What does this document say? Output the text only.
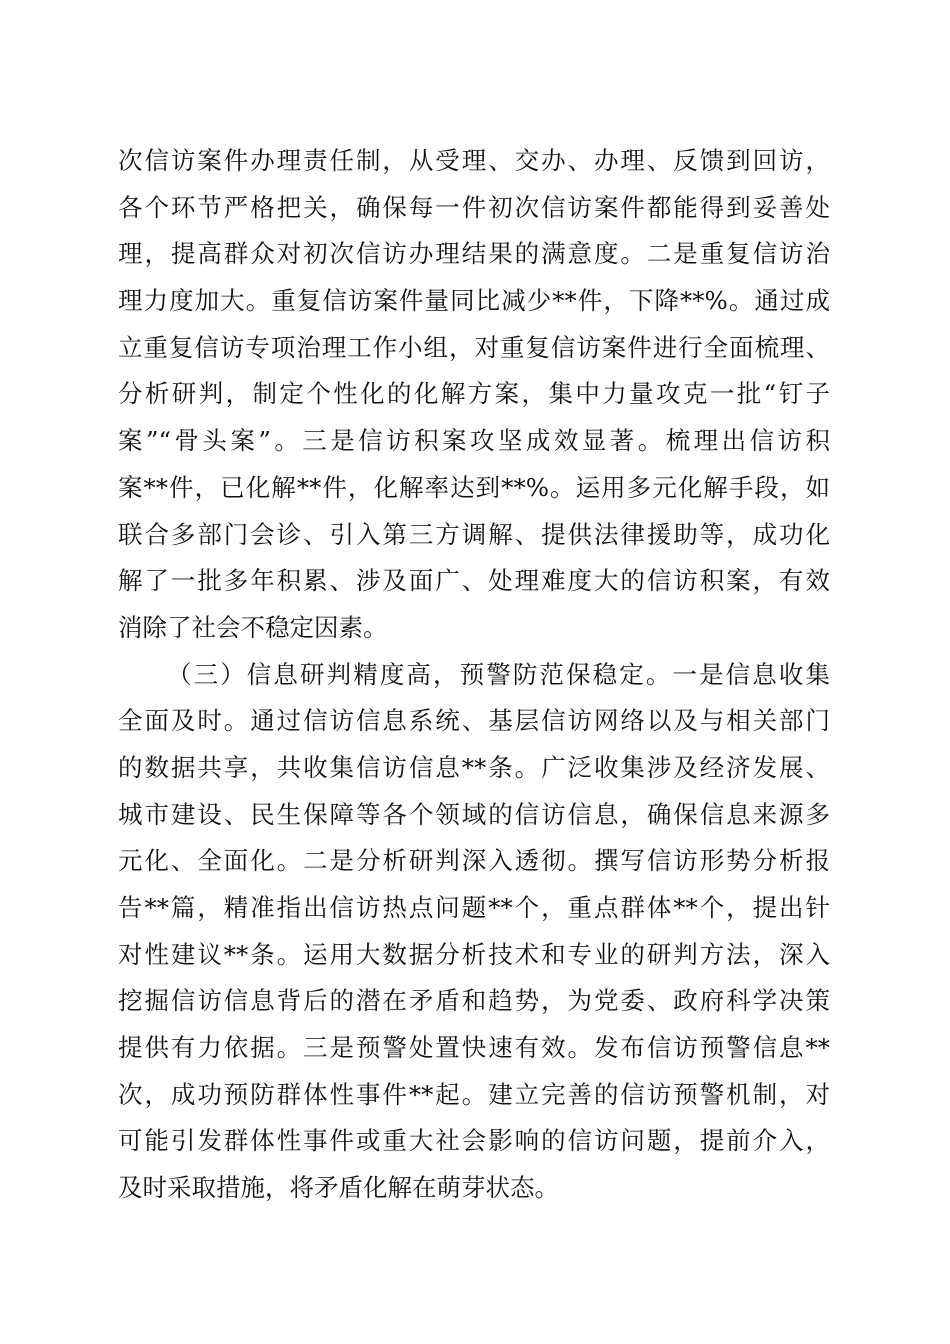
次信访案件办理责任制，从受理、交办、办理、反馈到回访，
各个环节严格把关，确保每一件初次信访案件都能得到妥善处
理，提高群众对初次信访办理结果的满意度。二是重复信访治
理力度加大。重复信访案件量同比减少**件，下降**%。通过成
立重复信访专项治理工作小组，对重复信访案件进行全面梳理、
分析研判，制定个性化的化解方案，集中力量攻克一批“钉子
案”“骨头案”。三是信访积案攻坚成效显著。梳理出信访积
案**件，已化解**件，化解率达到**%。运用多元化解手段，如
联合多部门会诊、引入第三方调解、提供法律援助等，成功化
解了一批多年积累、涉及面广、处理难度大的信访积案，有效
消除了社会不稳定因素。
（三）信息研判精度高，预警防范保稳定。一是信息收集
全面及时。通过信访信息系统、基层信访网络以及与相关部门
的数据共享，共收集信访信息**条。广泛收集涉及经济发展、
城市建设、民生保障等各个领域的信访信息，确保信息来源多
元化、全面化。二是分析研判深入透彻。撰写信访形势分析报
告**篇，精准指出信访热点问题**个，重点群体**个，提出针
对性建议**条。运用大数据分析技术和专业的研判方法，深入
挖掘信访信息背后的潜在矛盾和趋势，为党委、政府科学决策
提供有力依据。三是预警处置快速有效。发布信访预警信息**
次，成功预防群体性事件**起。建立完善的信访预警机制，对
可能引发群体性事件或重大社会影响的信访问题，提前介入，
及时采取措施，将矛盾化解在萌芽状态。
